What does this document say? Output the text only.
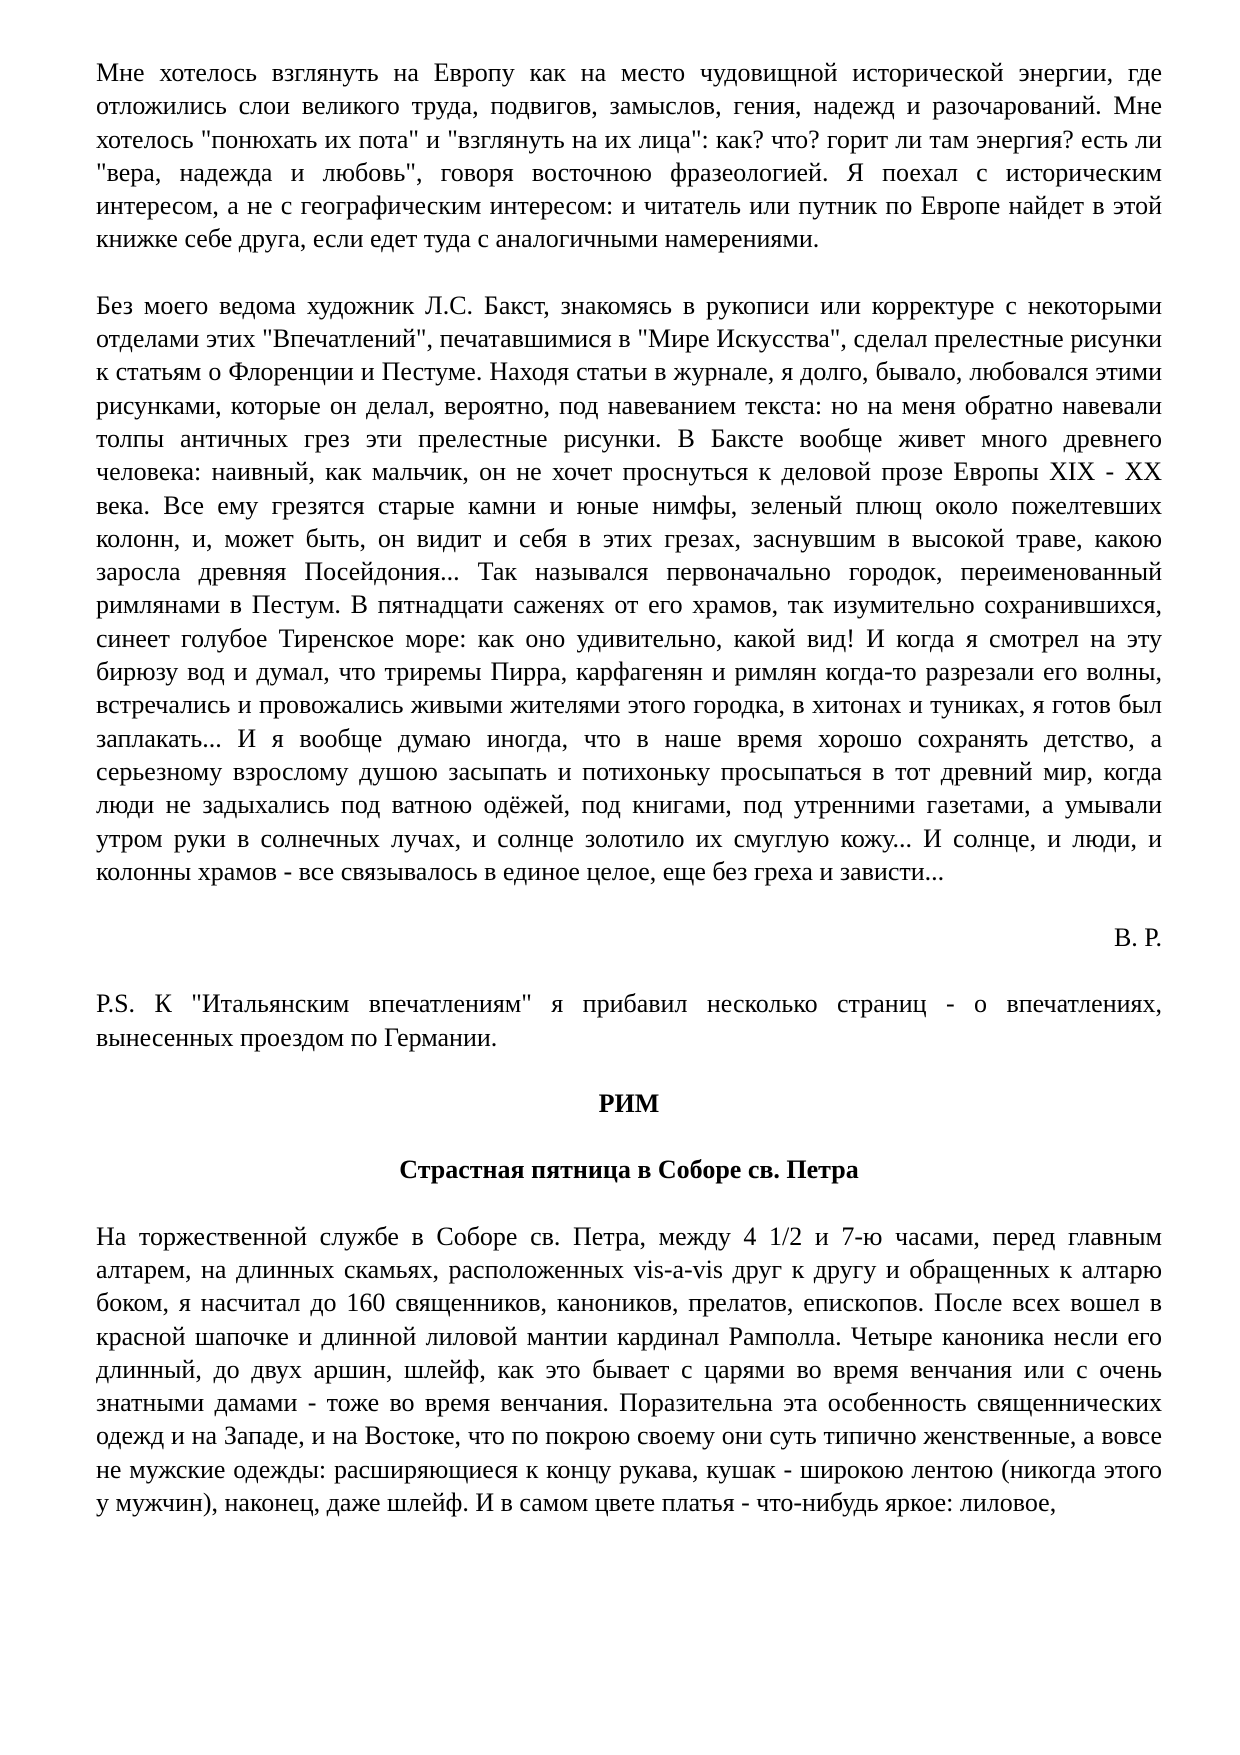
Мне хотелось взглянуть на Европу как на место чудовищной исторической энергии, где отложились слои великого труда, подвигов, замыслов, гения, надежд и разочарований. Мне хотелось "понюхать их пота" и "взглянуть на их лица": как? что? горит ли там энергия? есть ли "вера, надежда и любовь", говоря восточною фразеологией. Я поехал с историческим интересом, а не с географическим интересом: и читатель или путник по Европе найдет в этой книжке себе друга, если едет туда с аналогичными намерениями.

Без моего ведома художник Л.С. Бакст, знакомясь в рукописи или корректуре с некоторыми отделами этих "Впечатлений", печатавшимися в "Мире Искусства", сделал прелестные рисунки к статьям о Флоренции и Пестуме. Находя статьи в журнале, я долго, бывало, любовался этими рисунками, которые он делал, вероятно, под навеванием текста: но на меня обратно навевали толпы античных грез эти прелестные рисунки. В Баксте вообще живет много древнего человека: наивный, как мальчик, он не хочет проснуться к деловой прозе Европы XIX - XX века. Все ему грезятся старые камни и юные нимфы, зеленый плющ около пожелтевших колонн, и, может быть, он видит и себя в этих грезах, заснувшим в высокой траве, какою заросла древняя Посейдония... Так назывался первоначально городок, переименованный римлянами в Пестум. В пятнадцати саженях от его храмов, так изумительно сохранившихся, синеет голубое Тиренское море: как оно удивительно, какой вид! И когда я смотрел на эту бирюзу вод и думал, что триремы Пирра, карфагенян и римлян когда-то разрезали его волны, встречались и провожались живыми жителями этого городка, в хитонах и туниках, я готов был заплакать... И я вообще думаю иногда, что в наше время хорошо сохранять детство, а серьезному взрослому душою засыпать и потихоньку просыпаться в тот древний мир, когда люди не задыхались под ватною одёжей, под книгами, под утренними газетами, а умывали утром руки в солнечных лучах, и солнце золотило их смуглую кожу... И солнце, и люди, и колонны храмов - все связывалось в единое целое, еще без греха и зависти...

В. Р.

P.S. К "Итальянским впечатлениям" я прибавил несколько страниц - о впечатлениях, вынесенных проездом по Германии.

РИМ

Страстная пятница в Соборе св. Петра

На торжественной службе в Соборе св. Петра, между 4 1/2 и 7-ю часами, перед главным алтарем, на длинных скамьях, расположенных vis-a-vis друг к другу и обращенных к алтарю боком, я насчитал до 160 священников, каноников, прелатов, епископов. После всех вошел в красной шапочке и длинной лиловой мантии кардинал Рамполла. Четыре каноника несли его длинный, до двух аршин, шлейф, как это бывает с царями во время венчания или с очень знатными дамами - тоже во время венчания. Поразительна эта особенность священнических одежд и на Западе, и на Востоке, что по покрою своему они суть типично женственные, а вовсе не мужские одежды: расширяющиеся к концу рукава, кушак - широкою лентою (никогда этого у мужчин), наконец, даже шлейф. И в самом цвете платья - что-нибудь яркое: лиловое,
